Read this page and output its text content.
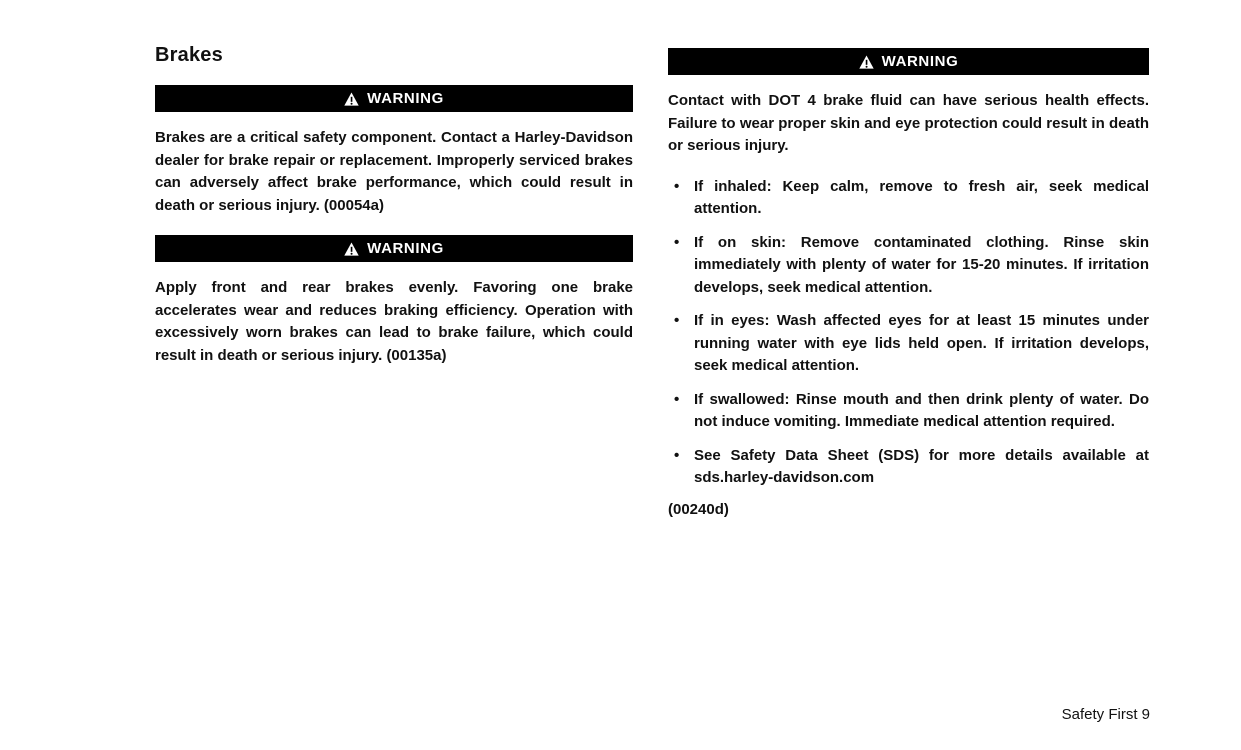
Brakes
WARNING

Brakes are a critical safety component. Contact a Harley-Davidson dealer for brake repair or replacement. Improperly serviced brakes can adversely affect brake performance, which could result in death or serious injury. (00054a)

WARNING

Apply front and rear brakes evenly. Favoring one brake accelerates wear and reduces braking efficiency. Operation with excessively worn brakes can lead to brake failure, which could result in death or serious injury. (00135a)

WARNING

Contact with DOT 4 brake fluid can have serious health effects. Failure to wear proper skin and eye protection could result in death or serious injury.

• If inhaled: Keep calm, remove to fresh air, seek medical attention.
• If on skin: Remove contaminated clothing. Rinse skin immediately with plenty of water for 15-20 minutes. If irritation develops, seek medical attention.
• If in eyes: Wash affected eyes for at least 15 minutes under running water with eye lids held open. If irritation develops, seek medical attention.
• If swallowed: Rinse mouth and then drink plenty of water. Do not induce vomiting. Immediate medical attention required.
• See Safety Data Sheet (SDS) for more details available at sds.harley-davidson.com

(00240d)

Safety First 9
